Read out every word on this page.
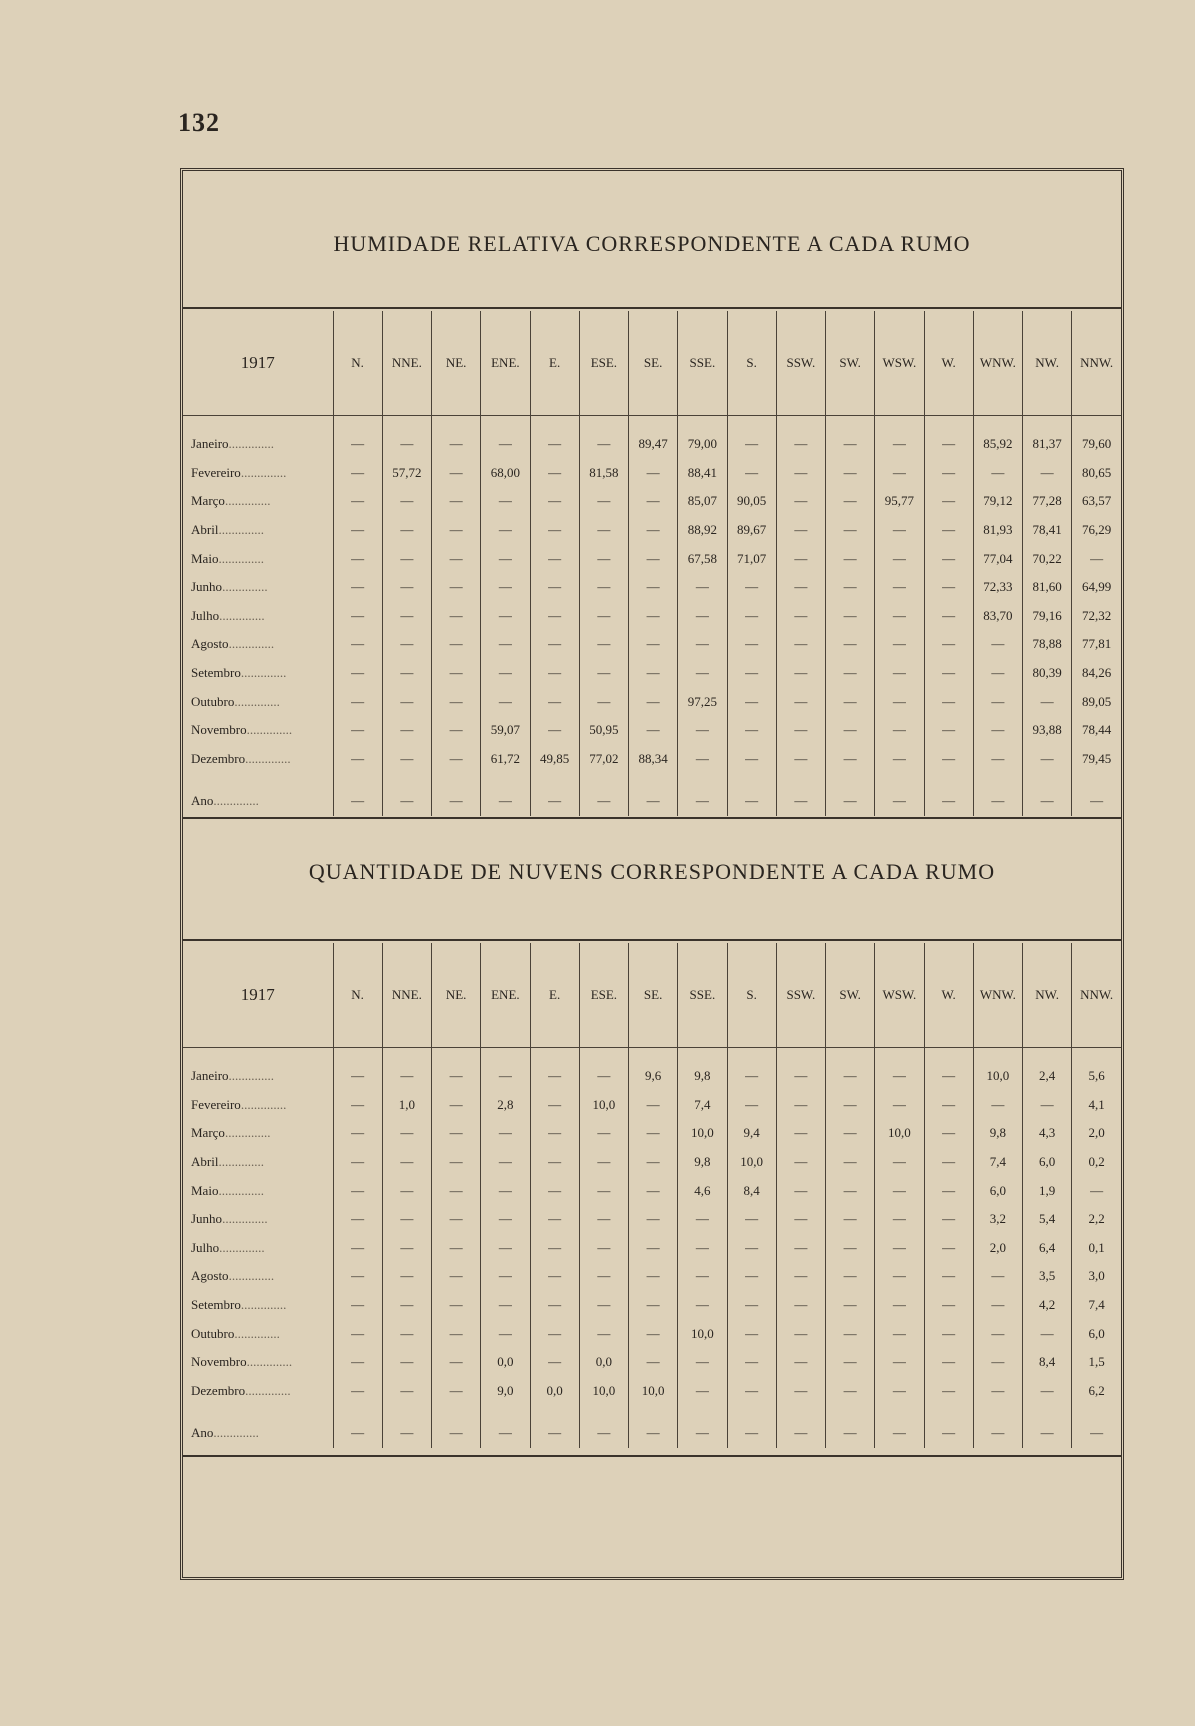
132
HUMIDADE RELATIVA CORRESPONDENTE A CADA RUMO
1917	N.	NNE.	NE.	ENE.	E.	ESE.	SE.	SSE.	S.	SSW.	SW.	WSW.	W.	WNW.	NW.	NNW.

Janeiro..............	—	—	—	—	—	—	89,47	79,00	—	—	—	—	—	85,92	81,37	79,60
Fevereiro..............	—	57,72	—	68,00	—	81,58	—	88,41	—	—	—	—	—	—	—	80,65
Março..............	—	—	—	—	—	—	—	85,07	90,05	—	—	95,77	—	79,12	77,28	63,57
Abril..............	—	—	—	—	—	—	—	88,92	89,67	—	—	—	—	81,93	78,41	76,29
Maio..............	—	—	—	—	—	—	—	67,58	71,07	—	—	—	—	77,04	70,22	—
Junho..............	—	—	—	—	—	—	—	—	—	—	—	—	—	72,33	81,60	64,99
Julho..............	—	—	—	—	—	—	—	—	—	—	—	—	—	83,70	79,16	72,32
Agosto..............	—	—	—	—	—	—	—	—	—	—	—	—	—	—	78,88	77,81
Setembro..............	—	—	—	—	—	—	—	—	—	—	—	—	—	—	80,39	84,26
Outubro..............	—	—	—	—	—	—	—	97,25	—	—	—	—	—	—	—	89,05
Novembro..............	—	—	—	59,07	—	50,95	—	—	—	—	—	—	—	—	93,88	78,44
Dezembro..............	—	—	—	61,72	49,85	77,02	88,34	—	—	—	—	—	—	—	—	79,45

Ano..............	—	—	—	—	—	—	—	—	—	—	—	—	—	—	—	—
QUANTIDADE DE NUVENS CORRESPONDENTE A CADA RUMO
1917	N.	NNE.	NE.	ENE.	E.	ESE.	SE.	SSE.	S.	SSW.	SW.	WSW.	W.	WNW.	NW.	NNW.

Janeiro..............	—	—	—	—	—	—	9,6	9,8	—	—	—	—	—	10,0	2,4	5,6
Fevereiro..............	—	1,0	—	2,8	—	10,0	—	7,4	—	—	—	—	—	—	—	4,1
Março..............	—	—	—	—	—	—	—	10,0	9,4	—	—	10,0	—	9,8	4,3	2,0
Abril..............	—	—	—	—	—	—	—	9,8	10,0	—	—	—	—	7,4	6,0	0,2
Maio..............	—	—	—	—	—	—	—	4,6	8,4	—	—	—	—	6,0	1,9	—
Junho..............	—	—	—	—	—	—	—	—	—	—	—	—	—	3,2	5,4	2,2
Julho..............	—	—	—	—	—	—	—	—	—	—	—	—	—	2,0	6,4	0,1
Agosto..............	—	—	—	—	—	—	—	—	—	—	—	—	—	—	3,5	3,0
Setembro..............	—	—	—	—	—	—	—	—	—	—	—	—	—	—	4,2	7,4
Outubro..............	—	—	—	—	—	—	—	10,0	—	—	—	—	—	—	—	6,0
Novembro..............	—	—	—	0,0	—	0,0	—	—	—	—	—	—	—	—	8,4	1,5
Dezembro..............	—	—	—	9,0	0,0	10,0	10,0	—	—	—	—	—	—	—	—	6,2

Ano..............	—	—	—	—	—	—	—	—	—	—	—	—	—	—	—	—
